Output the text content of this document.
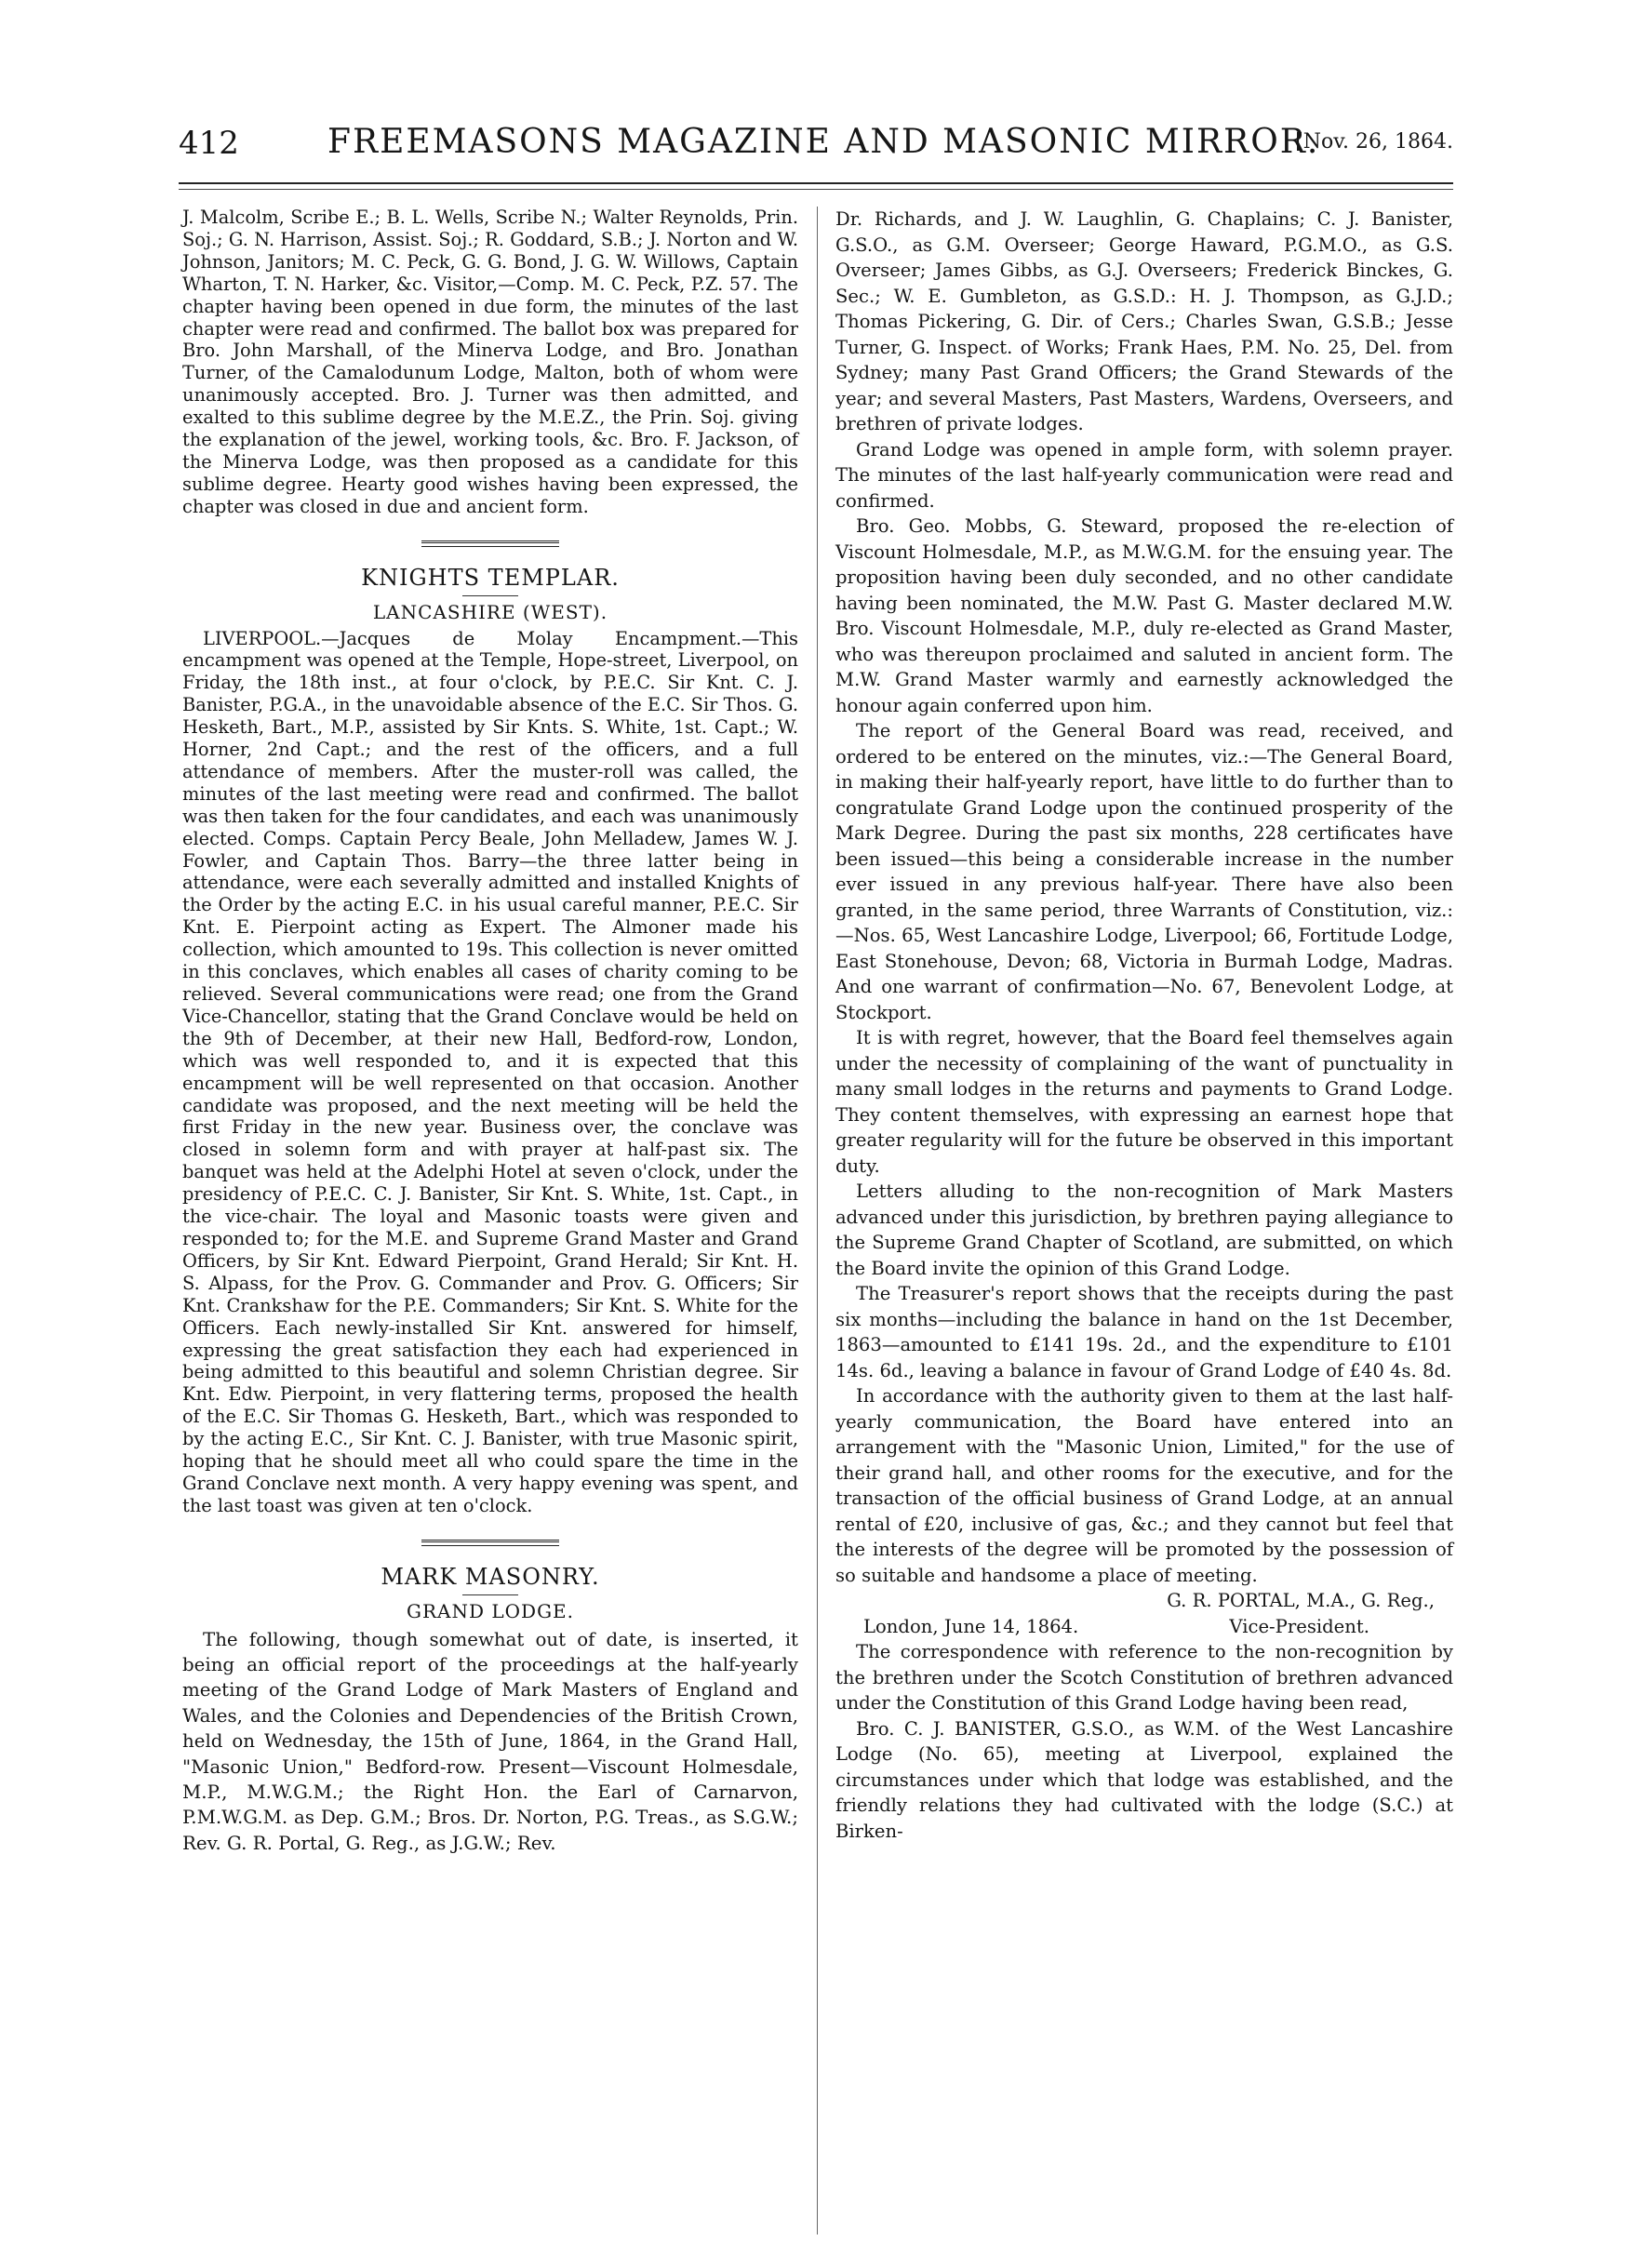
412	FREEMASONS MAGAZINE AND MASONIC MIRROR.
[Nov. 26, 1864.

J. Malcolm, Scribe E.; B. L. Wells, Scribe N.; Walter Reynolds, Prin. Soj.; G. N. Harrison, Assist. Soj.; R. Goddard, S.B.; J. Norton and W. Johnson, Janitors; M. C. Peck, G. G. Bond, J. G. W. Willows, Captain Wharton, T. N. Harker, &c. Visitor,—Comp. M. C. Peck, P.Z. 57. The chapter having been opened in due form, the minutes of the last chapter were read and confirmed. The ballot box was prepared for Bro. John Marshall, of the Minerva Lodge, and Bro. Jonathan Turner, of the Camalodunum Lodge, Malton, both of whom were unanimously accepted. Bro. J. Turner was then admitted, and exalted to this sublime degree by the M.E.Z., the Prin. Soj. giving the explanation of the jewel, working tools, &c. Bro. F. Jackson, of the Minerva Lodge, was then proposed as a candidate for this sublime degree. Hearty good wishes having been expressed, the chapter was closed in due and ancient form.

KNIGHTS TEMPLAR.
LANCASHIRE (WEST).

LIVERPOOL.—Jacques de Molay Encampment.—This encampment was opened at the Temple, Hope-street, Liverpool, on Friday, the 18th inst., at four o'clock, by P.E.C. Sir Knt. C. J. Banister, P.G.A., in the unavoidable absence of the E.C. Sir Thos. G. Hesketh, Bart., M.P., assisted by Sir Knts. S. White, 1st. Capt.; W. Horner, 2nd Capt.; and the rest of the officers, and a full attendance of members. After the muster-roll was called, the minutes of the last meeting were read and confirmed. The ballot was then taken for the four candidates, and each was unanimously elected. Comps. Captain Percy Beale, John Melladew, James W. J. Fowler, and Captain Thos. Barry—the three latter being in attendance, were each severally admitted and installed Knights of the Order by the acting E.C. in his usual careful manner, P.E.C. Sir Knt. E. Pierpoint acting as Expert. The Almoner made his collection, which amounted to 19s. This collection is never omitted in this conclaves, which enables all cases of charity coming to be relieved. Several communications were read; one from the Grand Vice-Chancellor, stating that the Grand Conclave would be held on the 9th of December, at their new Hall, Bedford-row, London, which was well responded to, and it is expected that this encampment will be well represented on that occasion. Another candidate was proposed, and the next meeting will be held the first Friday in the new year. Business over, the conclave was closed in solemn form and with prayer at half-past six. The banquet was held at the Adelphi Hotel at seven o'clock, under the presidency of P.E.C. C. J. Banister, Sir Knt. S. White, 1st. Capt., in the vice-chair. The loyal and Masonic toasts were given and responded to; for the M.E. and Supreme Grand Master and Grand Officers, by Sir Knt. Edward Pierpoint, Grand Herald; Sir Knt. H. S. Alpass, for the Prov. G. Commander and Prov. G. Officers; Sir Knt. Crankshaw for the P.E. Commanders; Sir Knt. S. White for the Officers. Each newly-installed Sir Knt. answered for himself, expressing the great satisfaction they each had experienced in being admitted to this beautiful and solemn Christian degree. Sir Knt. Edw. Pierpoint, in very flattering terms, proposed the health of the E.C. Sir Thomas G. Hesketh, Bart., which was responded to by the acting E.C., Sir Knt. C. J. Banister, with true Masonic spirit, hoping that he should meet all who could spare the time in the Grand Conclave next month. A very happy evening was spent, and the last toast was given at ten o'clock.

MARK MASONRY.
GRAND LODGE.

The following, though somewhat out of date, is inserted, it being an official report of the proceedings at the half-yearly meeting of the Grand Lodge of Mark Masters of England and Wales, and the Colonies and Dependencies of the British Crown, held on Wednesday, the 15th of June, 1864, in the Grand Hall, "Masonic Union," Bedford-row. Present—Viscount Holmesdale, M.P., M.W.G.M.; the Right Hon. the Earl of Carnarvon, P.M.W.G.M. as Dep. G.M.; Bros. Dr. Norton, P.G. Treas., as S.G.W.; Rev. G. R. Portal, G. Reg., as J.G.W.; Rev.

Dr. Richards, and J. W. Laughlin, G. Chaplains; C. J. Banister, G.S.O., as G.M. Overseer; George Haward, P.G.M.O., as G.S. Overseer; James Gibbs, as G.J. Overseers; Frederick Binckes, G. Sec.; W. E. Gumbleton, as G.S.D.: H. J. Thompson, as G.J.D.; Thomas Pickering, G. Dir. of Cers.; Charles Swan, G.S.B.; Jesse Turner, G. Inspect. of Works; Frank Haes, P.M. No. 25, Del. from Sydney; many Past Grand Officers; the Grand Stewards of the year; and several Masters, Past Masters, Wardens, Overseers, and brethren of private lodges.

Grand Lodge was opened in ample form, with solemn prayer. The minutes of the last half-yearly communication were read and confirmed.

Bro. Geo. Mobbs, G. Steward, proposed the re-election of Viscount Holmesdale, M.P., as M.W.G.M. for the ensuing year. The proposition having been duly seconded, and no other candidate having been nominated, the M.W. Past G. Master declared M.W. Bro. Viscount Holmesdale, M.P., duly re-elected as Grand Master, who was thereupon proclaimed and saluted in ancient form. The M.W. Grand Master warmly and earnestly acknowledged the honour again conferred upon him.

The report of the General Board was read, received, and ordered to be entered on the minutes, viz.:—The General Board, in making their half-yearly report, have little to do further than to congratulate Grand Lodge upon the continued prosperity of the Mark Degree. During the past six months, 228 certificates have been issued—this being a considerable increase in the number ever issued in any previous half-year. There have also been granted, in the same period, three Warrants of Constitution, viz.:—Nos. 65, West Lancashire Lodge, Liverpool; 66, Fortitude Lodge, East Stonehouse, Devon; 68, Victoria in Burmah Lodge, Madras. And one warrant of confirmation—No. 67, Benevolent Lodge, at Stockport.

It is with regret, however, that the Board feel themselves again under the necessity of complaining of the want of punctuality in many small lodges in the returns and payments to Grand Lodge. They content themselves, with expressing an earnest hope that greater regularity will for the future be observed in this important duty.

Letters alluding to the non-recognition of Mark Masters advanced under this jurisdiction, by brethren paying allegiance to the Supreme Grand Chapter of Scotland, are submitted, on which the Board invite the opinion of this Grand Lodge.

The Treasurer's report shows that the receipts during the past six months—including the balance in hand on the 1st December, 1863—amounted to £141 19s. 2d., and the expenditure to £101 14s. 6d., leaving a balance in favour of Grand Lodge of £40 4s. 8d.

In accordance with the authority given to them at the last half-yearly communication, the Board have entered into an arrangement with the "Masonic Union, Limited," for the use of their grand hall, and other rooms for the executive, and for the transaction of the official business of Grand Lodge, at an annual rental of £20, inclusive of gas, &c.; and they cannot but feel that the interests of the degree will be promoted by the possession of so suitable and handsome a place of meeting.

G. R. PORTAL, M.A., G. Reg.,

London, June 14, 1864.	Vice-President.

The correspondence with reference to the non-recognition by the brethren under the Scotch Constitution of brethren advanced under the Constitution of this Grand Lodge having been read,

Bro. C. J. BANISTER, G.S.O., as W.M. of the West Lancashire Lodge (No. 65), meeting at Liverpool, explained the circumstances under which that lodge was established, and the friendly relations they had cultivated with the lodge (S.C.) at Birken-
